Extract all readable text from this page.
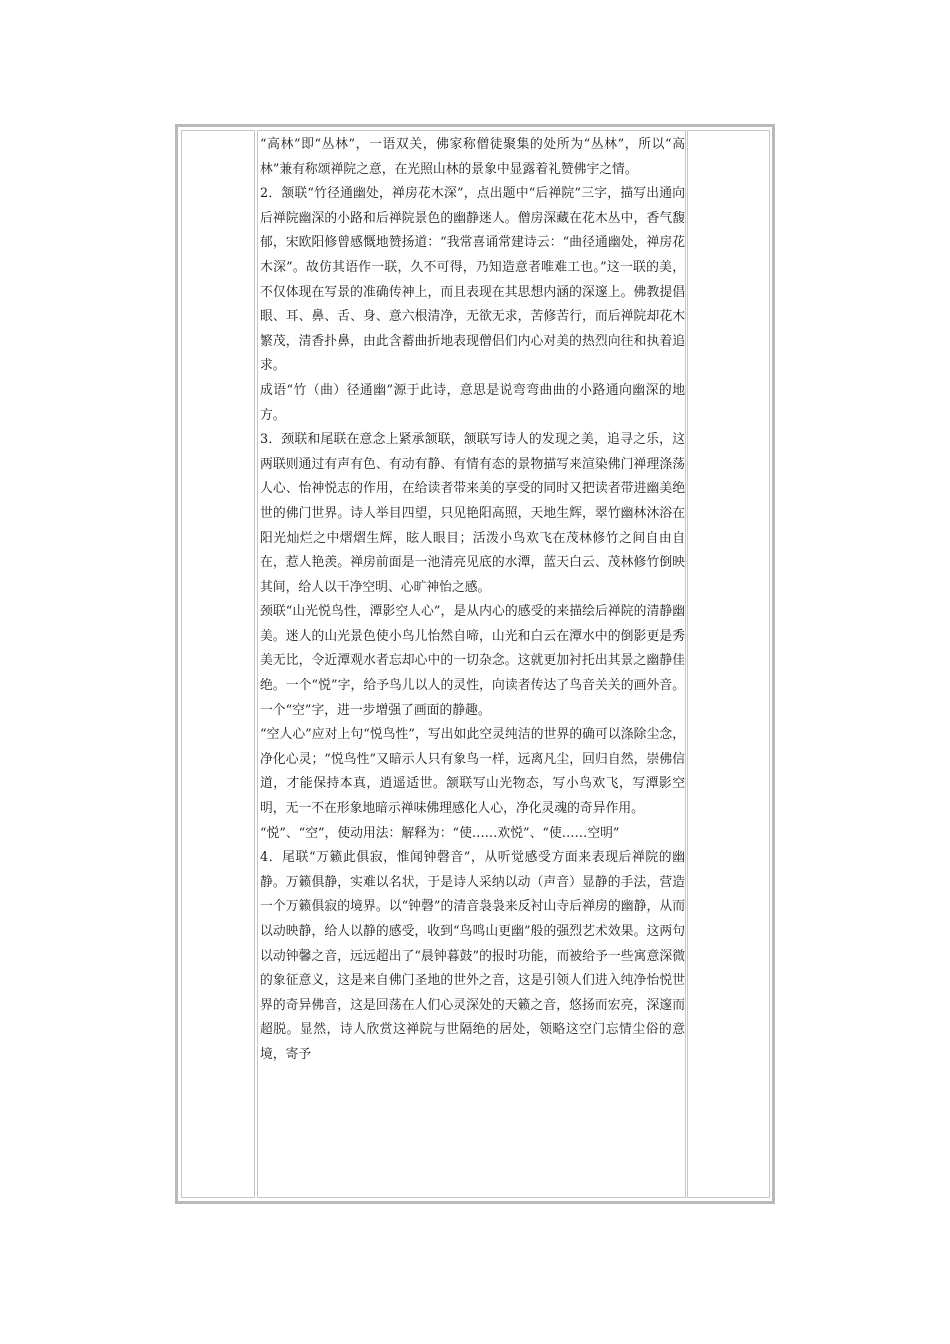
“高林”即“丛林”，一语双关，佛家称僧徒聚集的处所为“丛林”，所以“高林”兼有称颂禅院之意，在光照山林的景象中显露着礼赞佛宇之情。

2．颔联“竹径通幽处，禅房花木深”，点出题中“后禅院”三字，描写出通向后禅院幽深的小路和后禅院景色的幽静迷人。僧房深藏在花木丛中，香气馥郁，宋欧阳修曾感慨地赞扬道：“我常喜诵常建诗云：“曲径通幽处，禅房花木深”。故仿其语作一联，久不可得，乃知造意者唯难工也。”这一联的美，不仅体现在写景的准确传神上，而且表现在其思想内涵的深邃上。佛教提倡眼、耳、鼻、舌、身、意六根清净，无欲无求，苦修苦行，而后禅院却花木繁茂，清香扑鼻，由此含蓄曲折地表现僧侣们内心对美的热烈向往和执着追求。

成语“竹（曲）径通幽”源于此诗，意思是说弯弯曲曲的小路通向幽深的地方。

3．颈联和尾联在意念上紧承颔联，颔联写诗人的发现之美，追寻之乐，这两联则通过有声有色、有动有静、有情有态的景物描写来渲染佛门禅理涤荡人心、怡神悦志的作用，在给读者带来美的享受的同时又把读者带进幽美绝世的佛门世界。诗人举目四望，只见艳阳高照，天地生辉，翠竹幽林沐浴在阳光灿烂之中熠熠生辉，眩人眼目；活泼小鸟欢飞在茂林修竹之间自由自在，惹人艳羡。禅房前面是一池清亮见底的水潭，蓝天白云、茂林修竹倒映其间，给人以干净空明、心旷神怡之感。

颈联“山光悦鸟性，潭影空人心”，是从内心的感受的来描绘后禅院的清静幽美。迷人的山光景色使小鸟儿怡然自啼，山光和白云在潭水中的倒影更是秀美无比，令近潭观水者忘却心中的一切杂念。这就更加衬托出其景之幽静佳绝。一个“悦”字，给予鸟儿以人的灵性，向读者传达了鸟音关关的画外音。一个“空”字，进一步增强了画面的静趣。

“空人心”应对上句“悦鸟性”，写出如此空灵纯洁的世界的确可以涤除尘念，净化心灵；“悦鸟性”又暗示人只有象鸟一样，远离凡尘，回归自然，崇佛信道，才能保持本真，逍遥适世。颔联写山光物态，写小鸟欢飞，写潭影空明，无一不在形象地暗示禅味佛理感化人心，净化灵魂的奇异作用。

“悦”、“空”，使动用法：解释为：“使……欢悦”、“使……空明”

4．尾联“万籁此俱寂，惟闻钟磬音”，从听觉感受方面来表现后禅院的幽静。万籁俱静，实难以名状，于是诗人采纳以动（声音）显静的手法，营造一个万籁俱寂的境界。以“钟磬”的清音袅袅来反衬山寺后禅房的幽静，从而以动映静，给人以静的感受，收到“鸟鸣山更幽”般的强烈艺术效果。这两句以动钟馨之音，远远超出了“晨钟暮鼓”的报时功能，而被给予一些寓意深微的象征意义，这是来自佛门圣地的世外之音，这是引领人们进入纯净怡悦世界的奇异佛音，这是回荡在人们心灵深处的天籁之音，悠扬而宏亮，深邃而超脱。显然，诗人欣赏这禅院与世隔绝的居处，领略这空门忘情尘俗的意境，寄予
